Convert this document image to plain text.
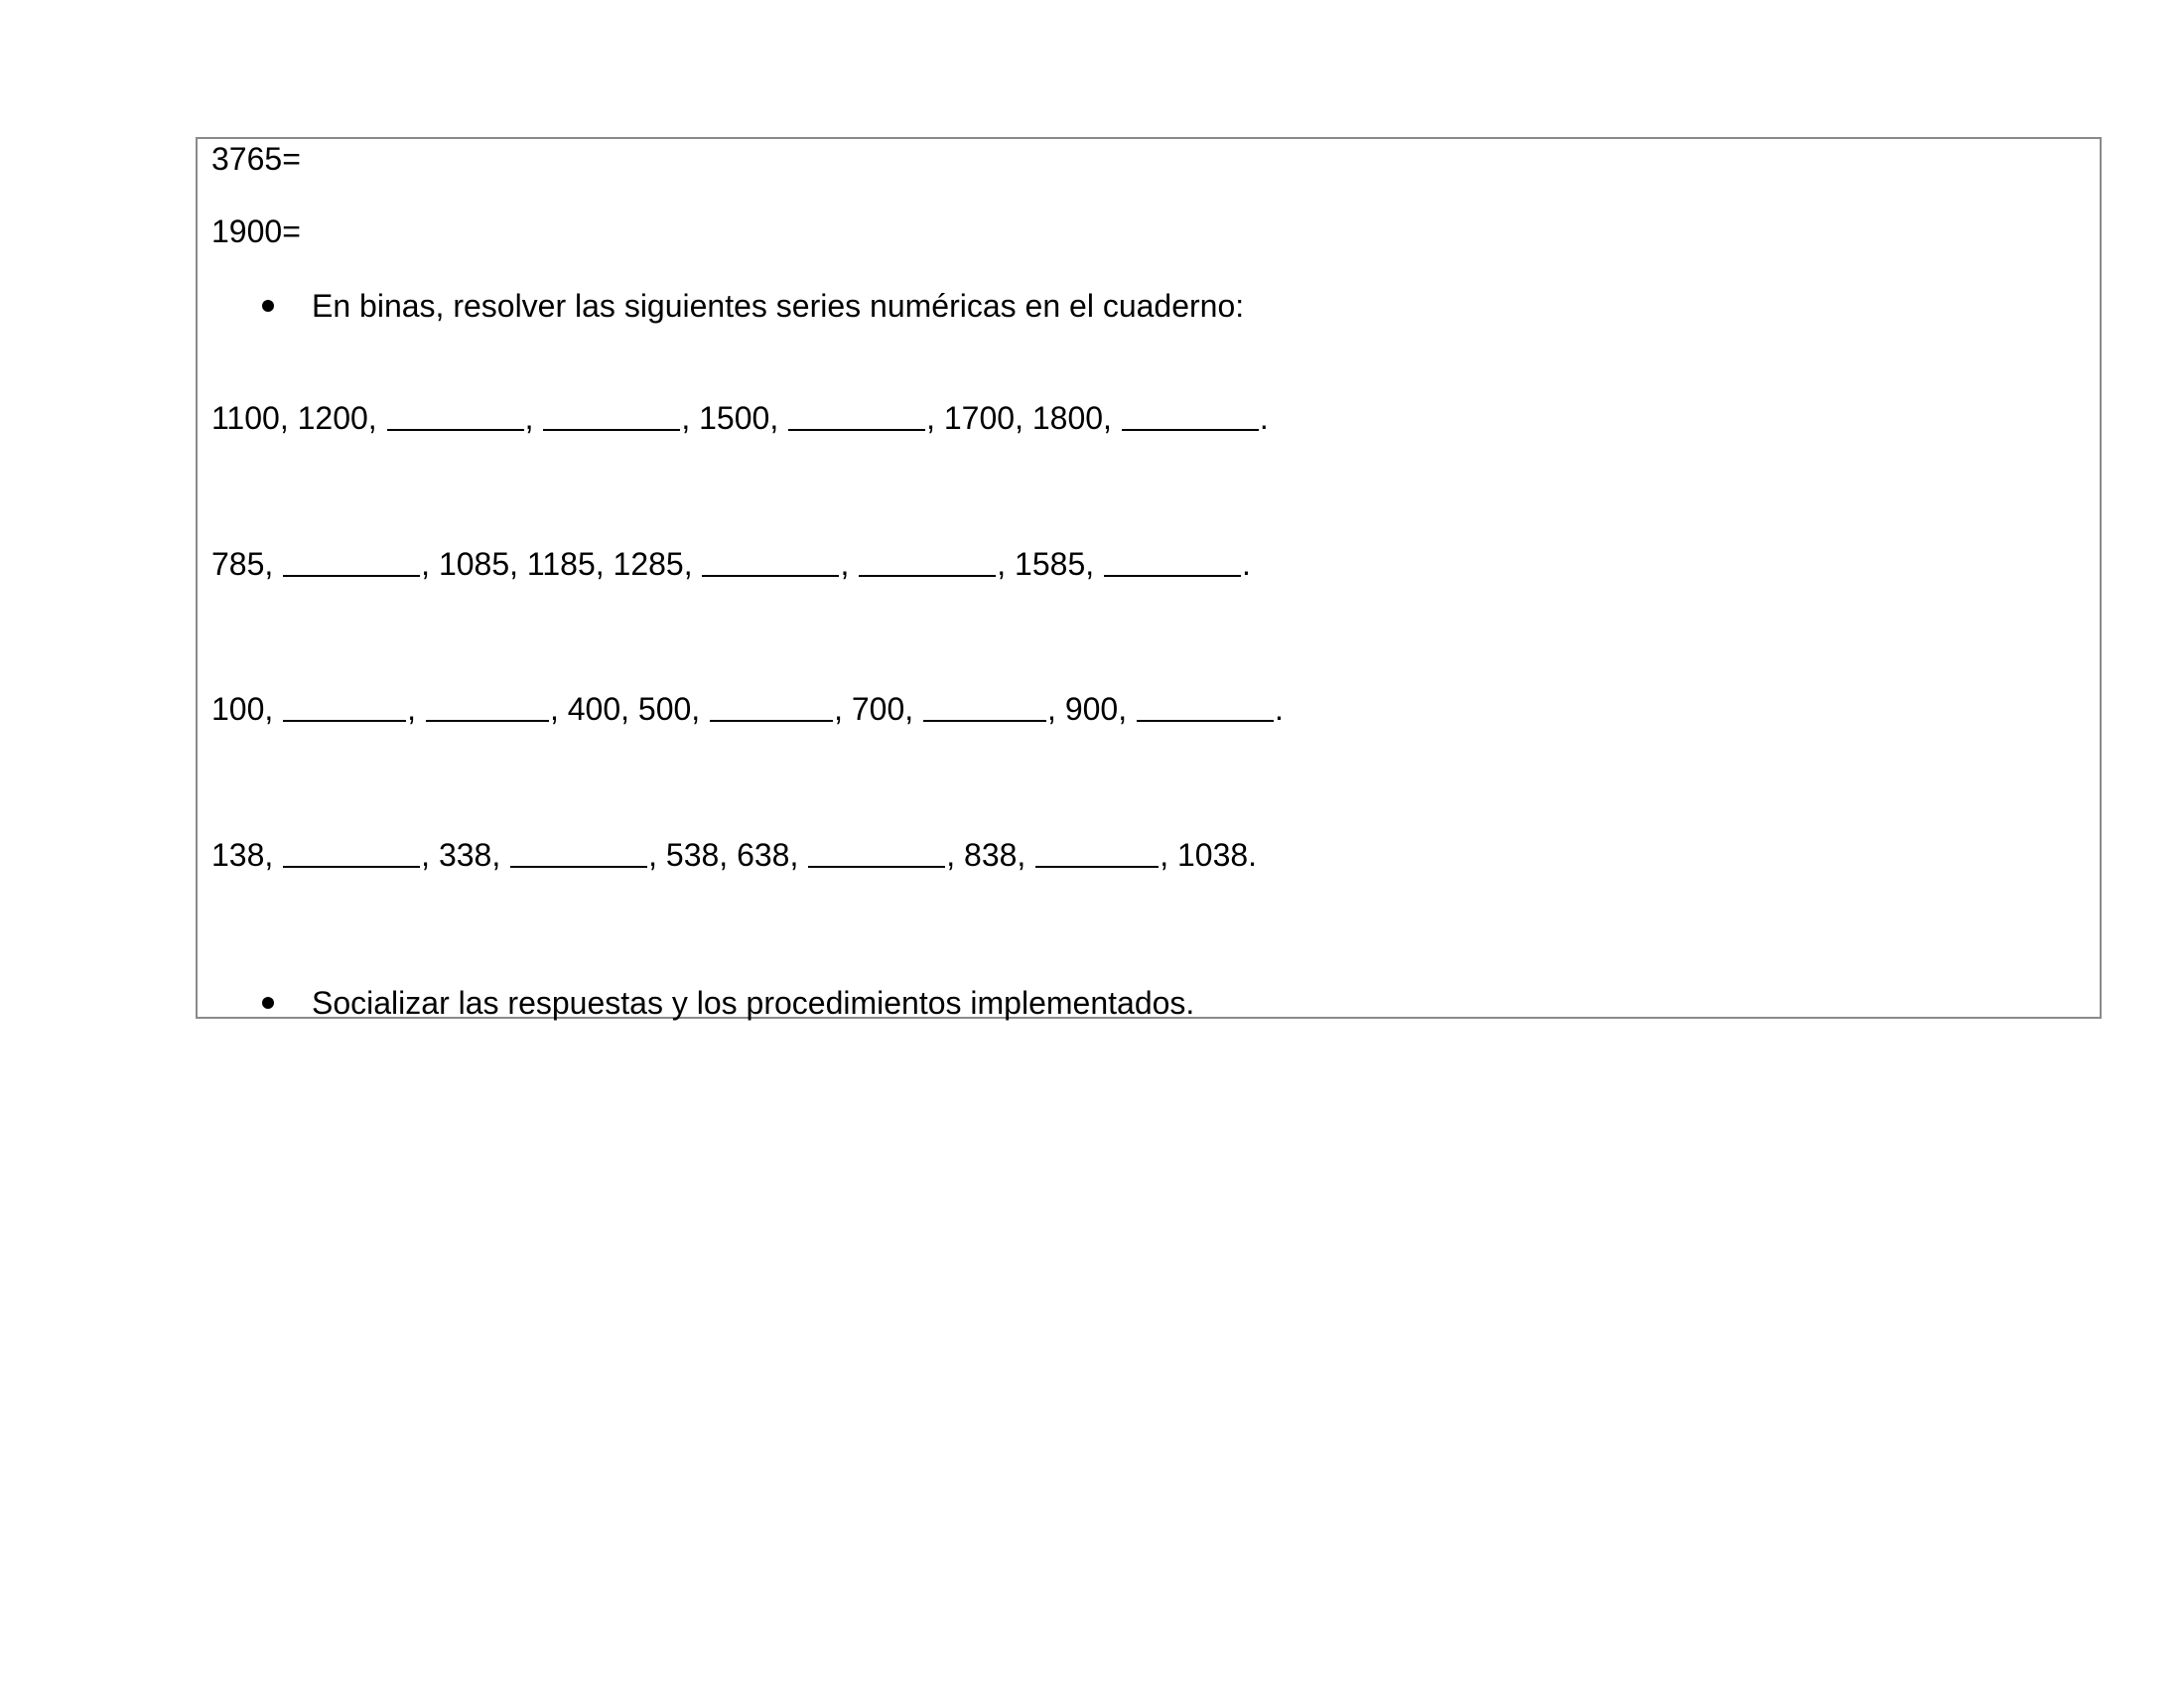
3765=
1900=
En binas, resolver las siguientes series numéricas en el cuaderno:
1100, 1200,	,	, 1500,	, 1700, 1800,	.
785,	, 1085, 1185, 1285,	,	, 1585,	.
100,	,	, 400, 500,	, 700,	, 900,	.
138,	, 338,	, 538, 638,	, 838,	, 1038.
Socializar las respuestas y los procedimientos implementados.
